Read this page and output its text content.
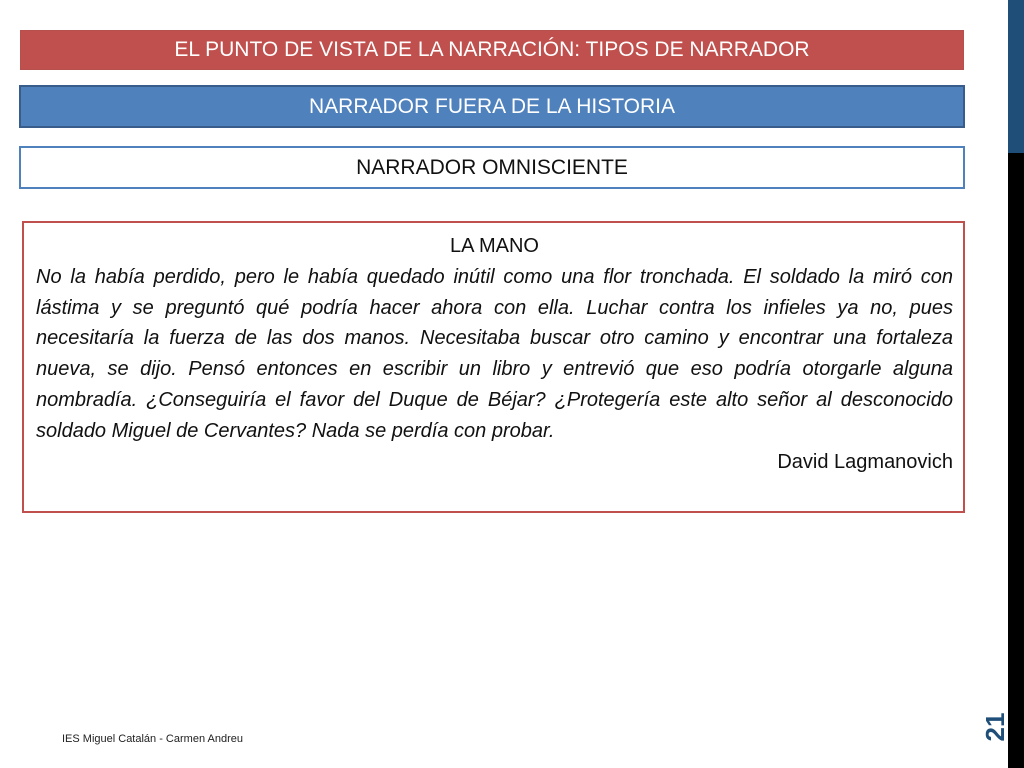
EL PUNTO DE VISTA DE LA NARRACIÓN: TIPOS DE NARRADOR
NARRADOR FUERA DE LA HISTORIA
NARRADOR OMNISCIENTE
LA MANO

No la había perdido, pero le había quedado inútil como una flor tronchada. El soldado la miró con lástima y se preguntó qué podría hacer ahora con ella. Luchar contra los infieles ya no, pues necesitaría la fuerza de las dos manos. Necesitaba buscar otro camino y encontrar una fortaleza nueva, se dijo. Pensó entonces en escribir un libro y entrevió que eso podría otorgarle alguna nombradía. ¿Conseguiría el favor del Duque de Béjar? ¿Protegería este alto señor al desconocido soldado Miguel de Cervantes? Nada se perdía con probar.

David Lagmanovich
21
IES Miguel Catalán - Carmen Andreu
